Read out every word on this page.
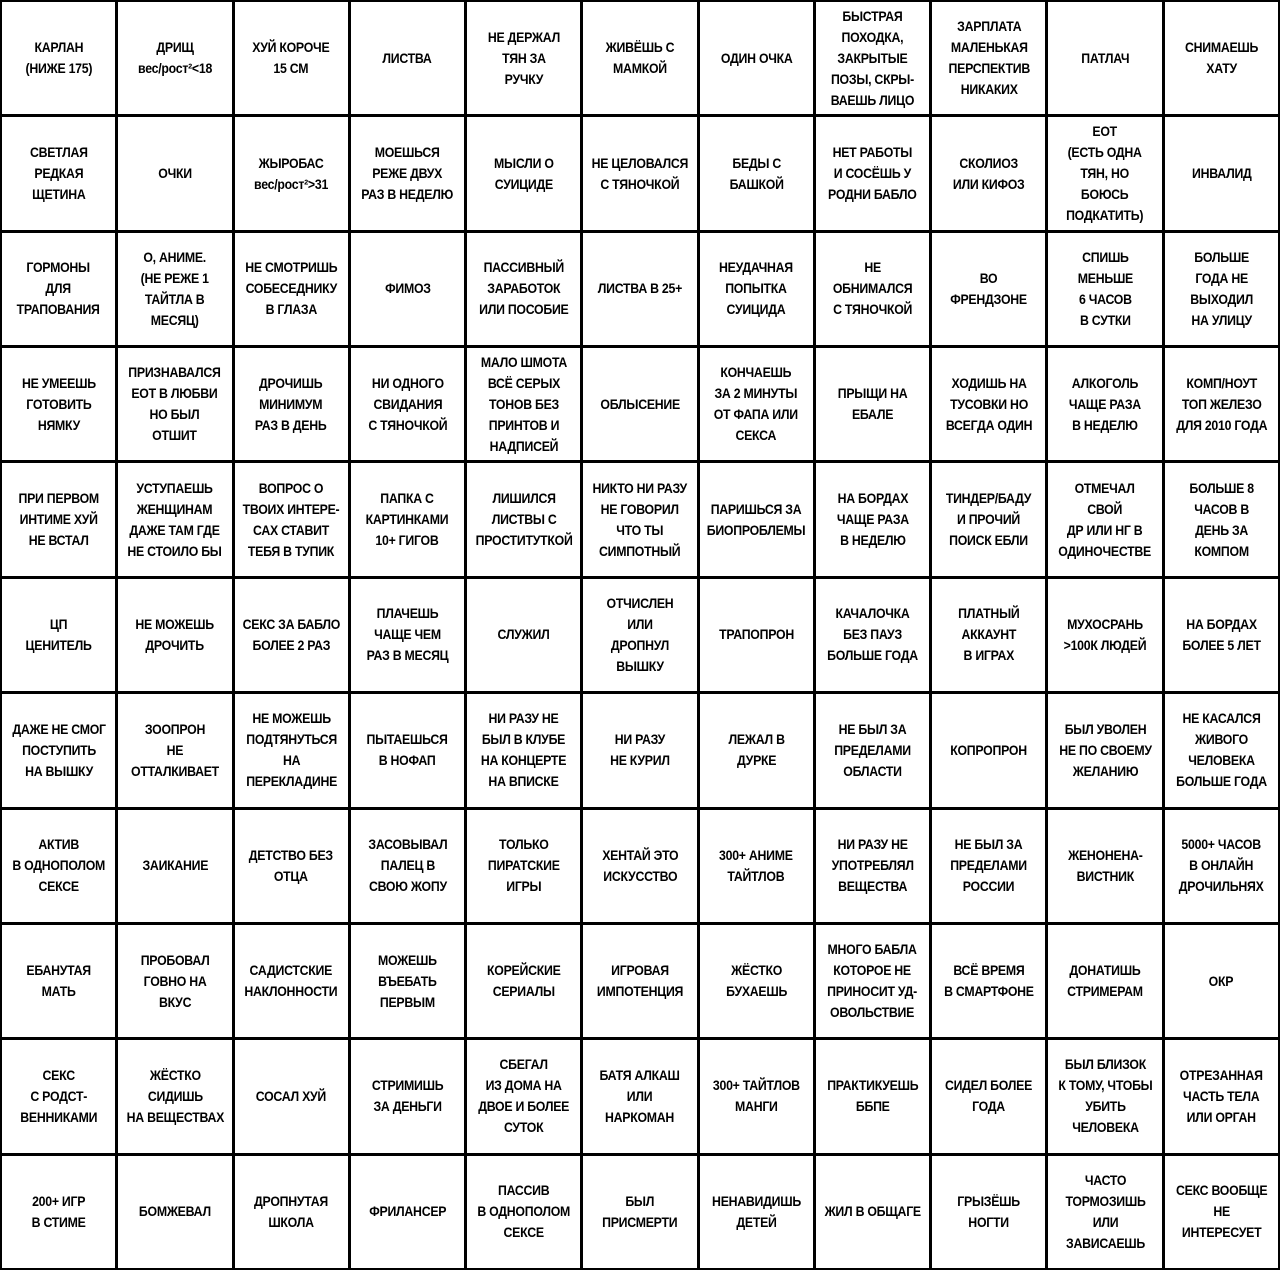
КАРЛАН
(НИЖЕ 175)
ДРИЩ
вес/рост²<18
ХУЙ КОРОЧЕ
15 СМ
ЛИСТВА
НЕ ДЕРЖАЛ
ТЯН ЗА
РУЧКУ
ЖИВЁШЬ С
МАМКОЙ
ОДИН ОЧКА
БЫСТРАЯ
ПОХОДКА,
ЗАКРЫТЫЕ
ПОЗЫ, СКРЫ-
ВАЕШЬ ЛИЦО
ЗАРПЛАТА
МАЛЕНЬКАЯ
ПЕРСПЕКТИВ
НИКАКИХ
ПАТЛАЧ
СНИМАЕШЬ
ХАТУ
СВЕТЛАЯ
РЕДКАЯ
ЩЕТИНА
ОЧКИ
ЖЫРОБАС
вес/рост²>31
МОЕШЬСЯ
РЕЖЕ ДВУХ
РАЗ В НЕДЕЛЮ
МЫСЛИ О
СУИЦИДЕ
НЕ ЦЕЛОВАЛСЯ
С ТЯНОЧКОЙ
БЕДЫ С
БАШКОЙ
НЕТ РАБОТЫ
И СОСЁШЬ У
РОДНИ БАБЛО
СКОЛИОЗ
ИЛИ КИФОЗ
ЕОТ
(ЕСТЬ ОДНА
ТЯН, НО БОЮСЬ
ПОДКАТИТЬ)
ИНВАЛИД
ГОРМОНЫ
ДЛЯ
ТРАПОВАНИЯ
О, АНИМЕ.
(НЕ РЕЖЕ 1
ТАЙТЛА В
МЕСЯЦ)
НЕ СМОТРИШЬ
СОБЕСЕДНИКУ
В ГЛАЗА
ФИМОЗ
ПАССИВНЫЙ
ЗАРАБОТОК
ИЛИ ПОСОБИЕ
ЛИСТВА В 25+
НЕУДАЧНАЯ
ПОПЫТКА
СУИЦИДА
НЕ ОБНИМАЛСЯ
С ТЯНОЧКОЙ
ВО
ФРЕНДЗОНЕ
СПИШЬ
МЕНЬШЕ
6 ЧАСОВ
В СУТКИ
БОЛЬШЕ
ГОДА НЕ
ВЫХОДИЛ
НА УЛИЦУ
НЕ УМЕЕШЬ
ГОТОВИТЬ
НЯМКУ
ПРИЗНАВАЛСЯ
ЕОТ В ЛЮБВИ
НО БЫЛ
ОТШИТ
ДРОЧИШЬ
МИНИМУМ
РАЗ В ДЕНЬ
НИ ОДНОГО
СВИДАНИЯ
С ТЯНОЧКОЙ
МАЛО ШМОТА
ВСЁ СЕРЫХ
ТОНОВ БЕЗ
ПРИНТОВ И
НАДПИСЕЙ
ОБЛЫСЕНИЕ
КОНЧАЕШЬ
ЗА 2 МИНУТЫ
ОТ ФАПА ИЛИ
СЕКСА
ПРЫЩИ НА
ЕБАЛЕ
ХОДИШЬ НА
ТУСОВКИ НО
ВСЕГДА ОДИН
АЛКОГОЛЬ
ЧАЩЕ РАЗА
В НЕДЕЛЮ
КОМП/НОУТ
ТОП ЖЕЛЕЗО
ДЛЯ 2010 ГОДА
ПРИ ПЕРВОМ
ИНТИМЕ ХУЙ
НЕ ВСТАЛ
УСТУПАЕШЬ
ЖЕНЩИНАМ
ДАЖЕ ТАМ ГДЕ
НЕ СТОИЛО БЫ
ВОПРОС О
ТВОИХ ИНТЕРЕ-
САХ СТАВИТ
ТЕБЯ В ТУПИК
ПАПКА С
КАРТИНКАМИ
10+ ГИГОВ
ЛИШИЛСЯ
ЛИСТВЫ С
ПРОСТИТУТКОЙ
НИКТО НИ РАЗУ
НЕ ГОВОРИЛ
ЧТО ТЫ
СИМПОТНЫЙ
ПАРИШЬСЯ ЗА
БИОПРОБЛЕМЫ
НА БОРДАХ
ЧАЩЕ РАЗА
В НЕДЕЛЮ
ТИНДЕР/БАДУ
И ПРОЧИЙ
ПОИСК ЕБЛИ
ОТМЕЧАЛ СВОЙ
ДР ИЛИ НГ В
ОДИНОЧЕСТВЕ
БОЛЬШЕ 8
ЧАСОВ В
ДЕНЬ ЗА
КОМПОМ
ЦП
ЦЕНИТЕЛЬ
НЕ МОЖЕШЬ
ДРОЧИТЬ
СЕКС ЗА БАБЛО
БОЛЕЕ 2 РАЗ
ПЛАЧЕШЬ
ЧАЩЕ ЧЕМ
РАЗ В МЕСЯЦ
СЛУЖИЛ
ОТЧИСЛЕН
ИЛИ
ДРОПНУЛ
ВЫШКУ
ТРАПОПРОН
КАЧАЛОЧКА
БЕЗ ПАУЗ
БОЛЬШЕ ГОДА
ПЛАТНЫЙ
АККАУНТ
В ИГРАХ
МУХОСРАНЬ
>100К ЛЮДЕЙ
НА БОРДАХ
БОЛЕЕ 5 ЛЕТ
ДАЖЕ НЕ СМОГ
ПОСТУПИТЬ
НА ВЫШКУ
ЗООПРОН
НЕ
ОТТАЛКИВАЕТ
НЕ МОЖЕШЬ
ПОДТЯНУТЬСЯ
НА
ПЕРЕКЛАДИНЕ
ПЫТАЕШЬСЯ
В НОФАП
НИ РАЗУ НЕ
БЫЛ В КЛУБЕ
НА КОНЦЕРТЕ
НА ВПИСКЕ
НИ РАЗУ
НЕ КУРИЛ
ЛЕЖАЛ В ДУРКЕ
НЕ БЫЛ ЗА
ПРЕДЕЛАМИ
ОБЛАСТИ
КОПРОПРОН
БЫЛ УВОЛЕН
НЕ ПО СВОЕМУ
ЖЕЛАНИЮ
НЕ КАСАЛСЯ
ЖИВОГО
ЧЕЛОВЕКА
БОЛЬШЕ ГОДА
АКТИВ
В ОДНОПОЛОМ
СЕКСЕ
ЗАИКАНИЕ
ДЕТСТВО БЕЗ
ОТЦА
ЗАСОВЫВАЛ
ПАЛЕЦ В
СВОЮ ЖОПУ
ТОЛЬКО
ПИРАТСКИЕ
ИГРЫ
ХЕНТАЙ ЭТО
ИСКУССТВО
300+ АНИМЕ
ТАЙТЛОВ
НИ РАЗУ НЕ
УПОТРЕБЛЯЛ
ВЕЩЕСТВА
НЕ БЫЛ ЗА
ПРЕДЕЛАМИ
РОССИИ
ЖЕНОНЕНА-
ВИСТНИК
5000+ ЧАСОВ
В ОНЛАЙН
ДРОЧИЛЬНЯХ
ЕБАНУТАЯ
МАТЬ
ПРОБОВАЛ
ГОВНО НА
ВКУС
САДИСТСКИЕ
НАКЛОННОСТИ
МОЖЕШЬ
ВЪЕБАТЬ
ПЕРВЫМ
КОРЕЙСКИЕ
СЕРИАЛЫ
ИГРОВАЯ
ИМПОТЕНЦИЯ
ЖЁСТКО
БУХАЕШЬ
МНОГО БАБЛА
КОТОРОЕ НЕ
ПРИНОСИТ УД-
ОВОЛЬСТВИЕ
ВСЁ ВРЕМЯ
В СМАРТФОНЕ
ДОНАТИШЬ
СТРИМЕРАМ
ОКР
СЕКС
С РОДСТ-
ВЕННИКАМИ
ЖЁСТКО
СИДИШЬ
НА ВЕЩЕСТВАХ
СОСАЛ ХУЙ
СТРИМИШЬ
ЗА ДЕНЬГИ
СБЕГАЛ
ИЗ ДОМА НА
ДВОЕ И БОЛЕЕ
СУТОК
БАТЯ АЛКАШ
ИЛИ
НАРКОМАН
300+ ТАЙТЛОВ
МАНГИ
ПРАКТИКУЕШЬ
ББПЕ
СИДЕЛ БОЛЕЕ
ГОДА
БЫЛ БЛИЗОК
К ТОМУ, ЧТОБЫ
УБИТЬ
ЧЕЛОВЕКА
ОТРЕЗАННАЯ
ЧАСТЬ ТЕЛА
ИЛИ ОРГАН
200+ ИГР
В СТИМЕ
БОМЖЕВАЛ
ДРОПНУТАЯ
ШКОЛА
ФРИЛАНСЕР
ПАССИВ
В ОДНОПОЛОМ
СЕКСЕ
БЫЛ
ПРИСМЕРТИ
НЕНАВИДИШЬ
ДЕТЕЙ
ЖИЛ В ОБЩАГЕ
ГРЫЗЁШЬ
НОГТИ
ЧАСТО
ТОРМОЗИШЬ
ИЛИ
ЗАВИСАЕШЬ
СЕКС ВООБЩЕ
НЕ ИНТЕРЕСУЕТ
